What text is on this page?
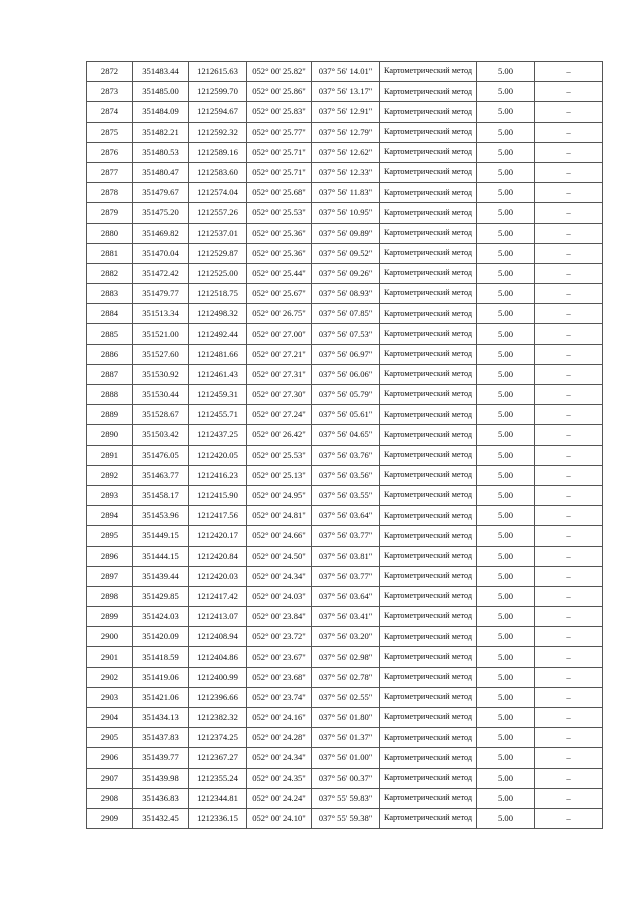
2872	351483.44	1212615.63	052° 00' 25.82"	037° 56' 14.01"	Картометрический метод	5.00	–
2873	351485.00	1212599.70	052° 00' 25.86"	037° 56' 13.17"	Картометрический метод	5.00	–
2874	351484.09	1212594.67	052° 00' 25.83"	037° 56' 12.91"	Картометрический метод	5.00	–
2875	351482.21	1212592.32	052° 00' 25.77"	037° 56' 12.79"	Картометрический метод	5.00	–
2876	351480.53	1212589.16	052° 00' 25.71"	037° 56' 12.62"	Картометрический метод	5.00	–
2877	351480.47	1212583.60	052° 00' 25.71"	037° 56' 12.33"	Картометрический метод	5.00	–
2878	351479.67	1212574.04	052° 00' 25.68"	037° 56' 11.83"	Картометрический метод	5.00	–
2879	351475.20	1212557.26	052° 00' 25.53"	037° 56' 10.95"	Картометрический метод	5.00	–
2880	351469.82	1212537.01	052° 00' 25.36"	037° 56' 09.89"	Картометрический метод	5.00	–
2881	351470.04	1212529.87	052° 00' 25.36"	037° 56' 09.52"	Картометрический метод	5.00	–
2882	351472.42	1212525.00	052° 00' 25.44"	037° 56' 09.26"	Картометрический метод	5.00	–
2883	351479.77	1212518.75	052° 00' 25.67"	037° 56' 08.93"	Картометрический метод	5.00	–
2884	351513.34	1212498.32	052° 00' 26.75"	037° 56' 07.85"	Картометрический метод	5.00	–
2885	351521.00	1212492.44	052° 00' 27.00"	037° 56' 07.53"	Картометрический метод	5.00	–
2886	351527.60	1212481.66	052° 00' 27.21"	037° 56' 06.97"	Картометрический метод	5.00	–
2887	351530.92	1212461.43	052° 00' 27.31"	037° 56' 06.06"	Картометрический метод	5.00	–
2888	351530.44	1212459.31	052° 00' 27.30"	037° 56' 05.79"	Картометрический метод	5.00	–
2889	351528.67	1212455.71	052° 00' 27.24"	037° 56' 05.61"	Картометрический метод	5.00	–
2890	351503.42	1212437.25	052° 00' 26.42"	037° 56' 04.65"	Картометрический метод	5.00	–
2891	351476.05	1212420.05	052° 00' 25.53"	037° 56' 03.76"	Картометрический метод	5.00	–
2892	351463.77	1212416.23	052° 00' 25.13"	037° 56' 03.56"	Картометрический метод	5.00	–
2893	351458.17	1212415.90	052° 00' 24.95"	037° 56' 03.55"	Картометрический метод	5.00	–
2894	351453.96	1212417.56	052° 00' 24.81"	037° 56' 03.64"	Картометрический метод	5.00	–
2895	351449.15	1212420.17	052° 00' 24.66"	037° 56' 03.77"	Картометрический метод	5.00	–
2896	351444.15	1212420.84	052° 00' 24.50"	037° 56' 03.81"	Картометрический метод	5.00	–
2897	351439.44	1212420.03	052° 00' 24.34"	037° 56' 03.77"	Картометрический метод	5.00	–
2898	351429.85	1212417.42	052° 00' 24.03"	037° 56' 03.64"	Картометрический метод	5.00	–
2899	351424.03	1212413.07	052° 00' 23.84"	037° 56' 03.41"	Картометрический метод	5.00	–
2900	351420.09	1212408.94	052° 00' 23.72"	037° 56' 03.20"	Картометрический метод	5.00	–
2901	351418.59	1212404.86	052° 00' 23.67"	037° 56' 02.98"	Картометрический метод	5.00	–
2902	351419.06	1212400.99	052° 00' 23.68"	037° 56' 02.78"	Картометрический метод	5.00	–
2903	351421.06	1212396.66	052° 00' 23.74"	037° 56' 02.55"	Картометрический метод	5.00	–
2904	351434.13	1212382.32	052° 00' 24.16"	037° 56' 01.80"	Картометрический метод	5.00	–
2905	351437.83	1212374.25	052° 00' 24.28"	037° 56' 01.37"	Картометрический метод	5.00	–
2906	351439.77	1212367.27	052° 00' 24.34"	037° 56' 01.00"	Картометрический метод	5.00	–
2907	351439.98	1212355.24	052° 00' 24.35"	037° 56' 00.37"	Картометрический метод	5.00	–
2908	351436.83	1212344.81	052° 00' 24.24"	037° 55' 59.83"	Картометрический метод	5.00	–
2909	351432.45	1212336.15	052° 00' 24.10"	037° 55' 59.38"	Картометрический метод	5.00	–
